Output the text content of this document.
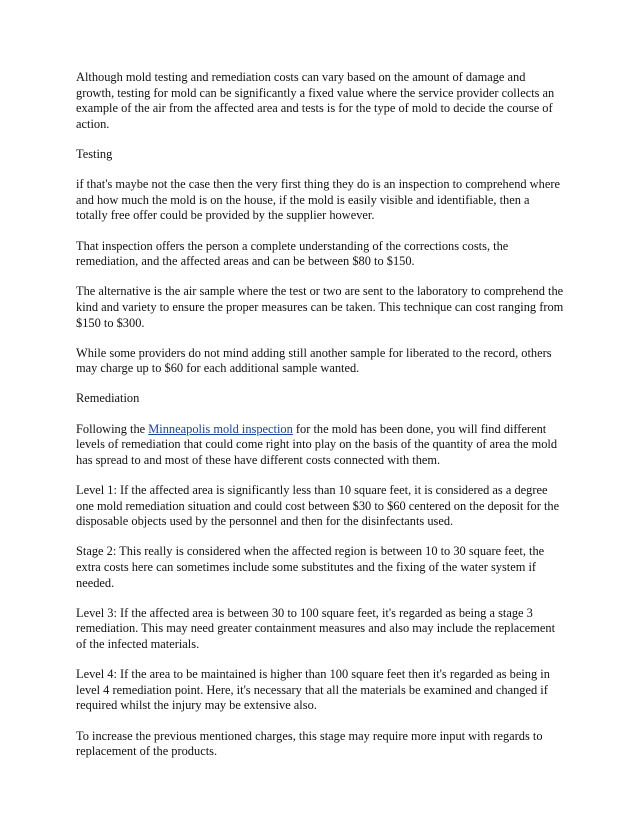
Although mold testing and remediation costs can vary based on the amount of damage and growth, testing for mold can be significantly a fixed value where the service provider collects an example of the air from the affected area and tests is for the type of mold to decide the course of action.

Testing

if that's maybe not the case then the very first thing they do is an inspection to comprehend where and how much the mold is on the house, if the mold is easily visible and identifiable, then a totally free offer could be provided by the supplier however.

That inspection offers the person a complete understanding of the corrections costs, the remediation, and the affected areas and can be between $80 to $150.

The alternative is the air sample where the test or two are sent to the laboratory to comprehend the kind and variety to ensure the proper measures can be taken. This technique can cost ranging from $150 to $300.

While some providers do not mind adding still another sample for liberated to the record, others may charge up to $60 for each additional sample wanted.

Remediation

Following the Minneapolis mold inspection for the mold has been done, you will find different levels of remediation that could come right into play on the basis of the quantity of area the mold has spread to and most of these have different costs connected with them.

Level 1: If the affected area is significantly less than 10 square feet, it is considered as a degree one mold remediation situation and could cost between $30 to $60 centered on the deposit for the disposable objects used by the personnel and then for the disinfectants used.

Stage 2: This really is considered when the affected region is between 10 to 30 square feet, the extra costs here can sometimes include some substitutes and the fixing of the water system if needed.

Level 3: If the affected area is between 30 to 100 square feet, it's regarded as being a stage 3 remediation. This may need greater containment measures and also may include the replacement of the infected materials.

Level 4: If the area to be maintained is higher than 100 square feet then it's regarded as being in level 4 remediation point. Here, it's necessary that all the materials be examined and changed if required whilst the injury may be extensive also.

To increase the previous mentioned charges, this stage may require more input with regards to replacement of the products.
